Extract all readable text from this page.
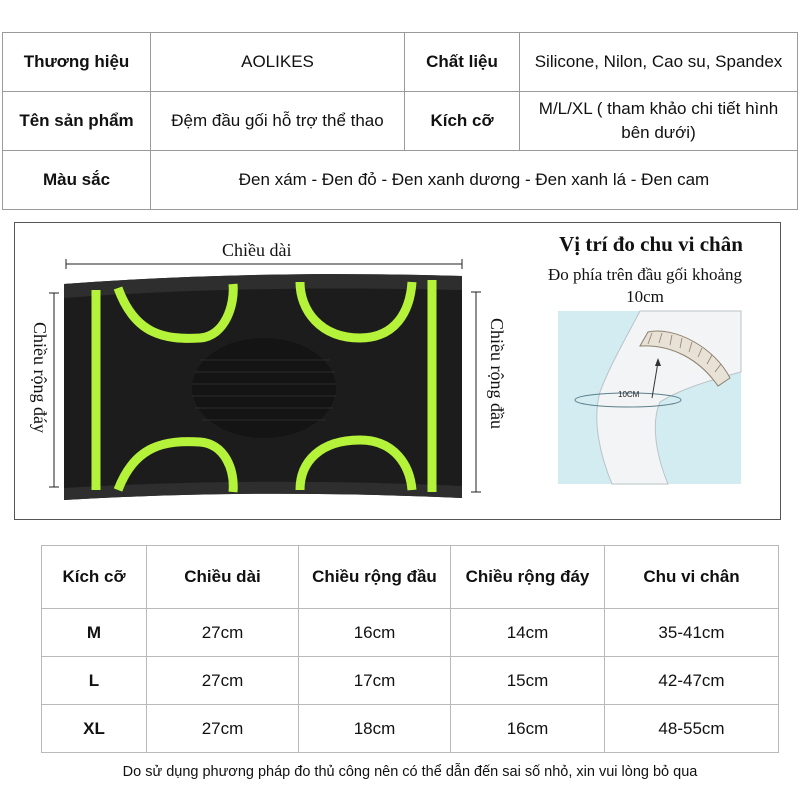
Thương hiệu	AOLIKES	Chất liệu	Silicone, Nilon, Cao su, Spandex
Tên sản phẩm	Đệm đầu gối hỗ trợ thể thao	Kích cỡ	M/L/XL ( tham khảo chi tiết hình bên dưới)
Màu sắc	Đen xám - Đen đỏ - Đen xanh dương - Đen xanh lá - Đen cam		
10CM
Chiều dài
Chiều rộng đáy	Chiều rộng đầu
Vị trí đo chu vi chân
Đo phía trên đầu gối khoảng 10cm
Kích cỡ	Chiều dài	Chiều rộng đầu	Chiều rộng đáy	Chu vi chân
M	27cm	16cm	14cm	35-41cm
L	27cm	17cm	15cm	42-47cm
XL	27cm	18cm	16cm	48-55cm
Do sử dụng phương pháp đo thủ công nên có thể dẫn đến sai số nhỏ, xin vui lòng bỏ qua				
